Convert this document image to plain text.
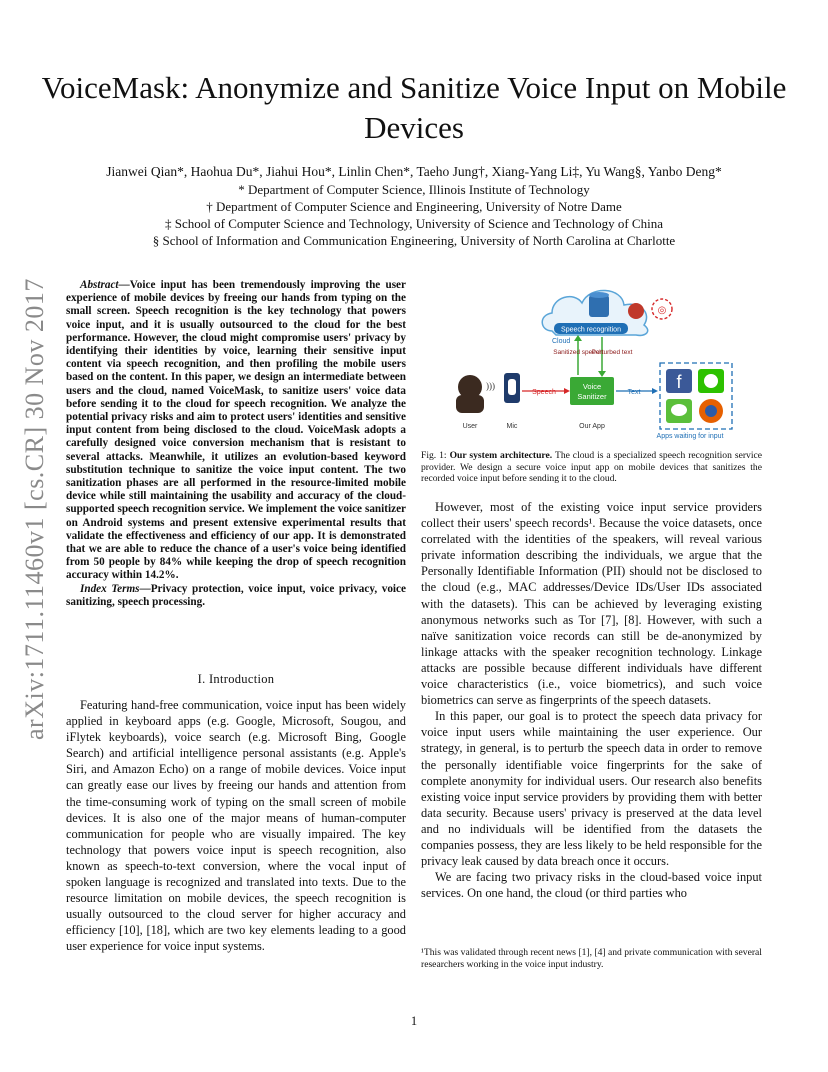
VoiceMask: Anonymize and Sanitize Voice Input on Mobile Devices
Jianwei Qian*, Haohua Du*, Jiahui Hou*, Linlin Chen*, Taeho Jung†, Xiang-Yang Li‡, Yu Wang§, Yanbo Deng*
* Department of Computer Science, Illinois Institute of Technology
† Department of Computer Science and Engineering, University of Notre Dame
‡ School of Computer Science and Technology, University of Science and Technology of China
§ School of Information and Communication Engineering, University of North Carolina at Charlotte
arXiv:1711.11460v1 [cs.CR] 30 Nov 2017	Abstract—Voice input has been tremendously improving the user experience of mobile devices by freeing our hands from typing on the small screen. Speech recognition is the key technology that powers voice input, and it is usually outsourced to the cloud for the best performance. However, the cloud might compromise users' privacy by identifying their identities by voice, learning their sensitive input content via speech recognition, and then profiling the mobile users based on the content. In this paper, we design an intermediate between users and the cloud, named VoiceMask, to sanitize users' voice data before sending it to the cloud for speech recognition. We analyze the potential privacy risks and aim to protect users' identities and sensitive input content from being disclosed to the cloud. VoiceMask adopts a carefully designed voice conversion mechanism that is resistant to several attacks. Meanwhile, it utilizes an evolution-based keyword substitution technique to sanitize the voice input content. The two sanitization phases are all performed in the resource-limited mobile device while still maintaining the usability and accuracy of the cloud-supported speech recognition service. We implement the voice sanitizer on Android systems and present extensive experimental results that validate the effectiveness and efficiency of our app. It is demonstrated that we are able to reduce the chance of a user's voice being identified from 50 people by 84% while keeping the drop of speech recognition accuracy within 14.2%.

Index Terms—Privacy protection, voice input, voice privacy, voice sanitizing, speech processing.

I. Introduction

Featuring hand-free communication, voice input has been widely applied in keyboard apps (e.g. Google, Microsoft, Sougou, and iFlytek keyboards), voice search (e.g. Microsoft Bing, Google Search) and artificial intelligence personal assistants (e.g. Apple's Siri, and Amazon Echo) on a range of mobile devices. Voice input can greatly ease our lives by freeing our hands and attention from the time-consuming work of typing on the small screen of mobile devices. It is also one of the major means of human-computer communication for people who are visually impaired. The key technology that powers voice input is speech recognition, also known as speech-to-text conversion, where the vocal input of spoken language is recognized and translated into texts. Due to the resource limitation on mobile devices, the speech recognition is usually outsourced to the cloud server for higher accuracy and efficiency [10], [18], which are two key elements leading to a good user experience for voice input systems.

Speech recognition
◎
Cloud
Sanitized speech
Perturbed text
)))
Speech
Voice
Sanitizer	Text
f
User	Mic	Our App
Apps waiting for input
Fig. 1: Our system architecture. The cloud is a specialized speech recognition service provider. We design a secure voice input app on mobile devices that sanitizes the recorded voice input before sending it to the cloud.

However, most of the existing voice input service providers collect their users' speech records¹. Because the voice datasets, once correlated with the identities of the speakers, will reveal various private information describing the individuals, we argue that the Personally Identifiable Information (PII) should not be disclosed to the cloud (e.g., MAC addresses/Device IDs/User IDs associated with the datasets). This can be achieved by leveraging existing anonymous networks such as Tor [7], [8]. However, with such a naïve sanitization voice records can still be de-anonymized by linkage attacks with the speaker recognition technology. Linkage attacks are possible because different individuals have different voice characteristics (i.e., voice biometrics), and such voice biometrics can serve as fingerprints of the speech datasets.

In this paper, our goal is to protect the speech data privacy for voice input users while maintaining the user experience. Our strategy, in general, is to perturb the speech data in order to remove the personally identifiable voice fingerprints for the sake of complete anonymity for individual users. Our research also benefits existing voice input service providers by providing them with better data security. Because users' privacy is preserved at the data level and no individuals will be identified from the datasets the companies possess, they are less likely to be held responsible for the privacy leak caused by data breach once it occurs.

We are facing two privacy risks in the cloud-based voice input services. On one hand, the cloud (or third parties who

¹This was validated through recent news [1], [4] and private communication with several researchers working in the voice input industry.
1
